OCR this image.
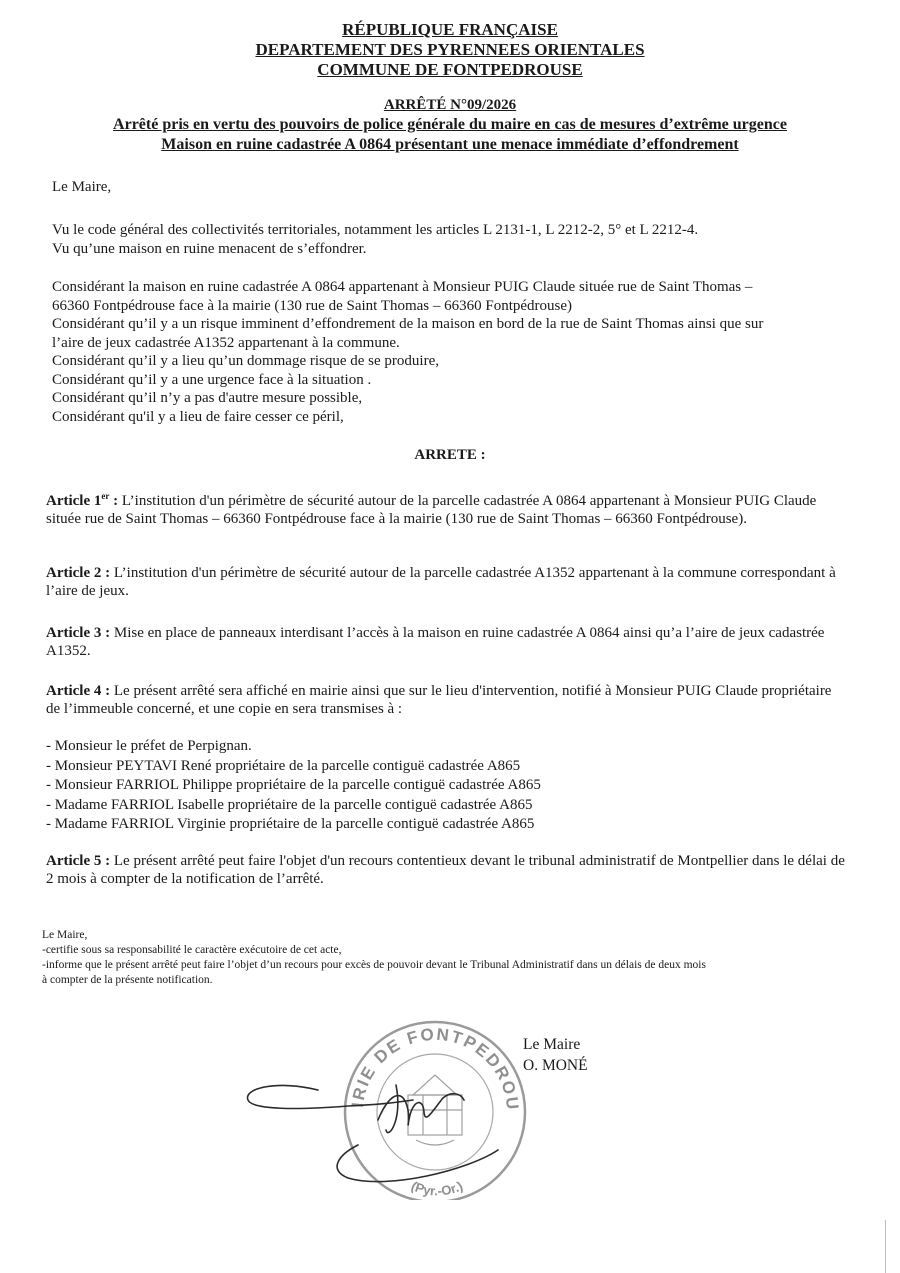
RÉPUBLIQUE FRANÇAISE
DEPARTEMENT DES PYRENNEES ORIENTALES
COMMUNE DE FONTPEDROUSE
ARRÊTÉ N°09/2026
Arrêté pris en vertu des pouvoirs de police générale du maire en cas de mesures d’extrême urgence
Maison en ruine cadastrée A 0864 présentant une menace immédiate d’effondrement
Le Maire,

Vu le code général des collectivités territoriales, notamment les articles L 2131-1, L 2212-2, 5° et L 2212-4.

Vu qu’une maison en ruine menacent de s’effondrer.

Considérant la maison en ruine cadastrée A 0864 appartenant à Monsieur PUIG Claude située rue de Saint Thomas –

66360 Fontpédrouse face à la mairie (130 rue de Saint Thomas – 66360 Fontpédrouse)

Considérant qu’il y a un risque imminent d’effondrement de la maison en bord de la rue de Saint Thomas ainsi que sur

l’aire de jeux cadastrée A1352 appartenant à la commune.

Considérant qu’il y a lieu qu’un dommage risque de se produire,

Considérant qu’il y a une urgence face à la situation .

Considérant qu’il n’y a pas d'autre mesure possible,

Considérant qu'il y a lieu de faire cesser ce péril,

ARRETE :
Article 1er : L’institution d'un périmètre de sécurité autour de la parcelle cadastrée A 0864 appartenant à Monsieur PUIG Claude située rue de Saint Thomas – 66360 Fontpédrouse face à la mairie (130 rue de Saint Thomas – 66360 Fontpédrouse).
Article 2 : L’institution d'un périmètre de sécurité autour de la parcelle cadastrée A1352 appartenant à la commune correspondant à l’aire de jeux.
Article 3 : Mise en place de panneaux interdisant l’accès à la maison en ruine cadastrée A 0864 ainsi qu’a l’aire de jeux cadastrée A1352.
Article 4 : Le présent arrêté sera affiché en mairie ainsi que sur le lieu d'intervention, notifié à Monsieur PUIG Claude propriétaire de l’immeuble concerné, et une copie en sera transmises à :
- Monsieur le préfet de Perpignan.
- Monsieur PEYTAVI René propriétaire de la parcelle contiguë cadastrée A865
- Monsieur FARRIOL Philippe propriétaire de la parcelle contiguë cadastrée A865
- Madame FARRIOL Isabelle propriétaire de la parcelle contiguë cadastrée A865
- Madame FARRIOL Virginie propriétaire de la parcelle contiguë cadastrée A865
Article 5 : Le présent arrêté peut faire l'objet d'un recours contentieux devant le tribunal administratif de Montpellier dans le délai de 2 mois à compter de la notification de l’arrêté.

Le Maire,

-certifie sous sa responsabilité le caractère exécutoire de cet acte,

-informe que le présent arrêté peut faire l’objet d’un recours pour excès de pouvoir devant le Tribunal Administratif dans un délais de deux mois

à compter de la présente notification.

IRIE DE FONTPEDROU
(Pyr.-Or.)
Le Maire
O. MONÉ
